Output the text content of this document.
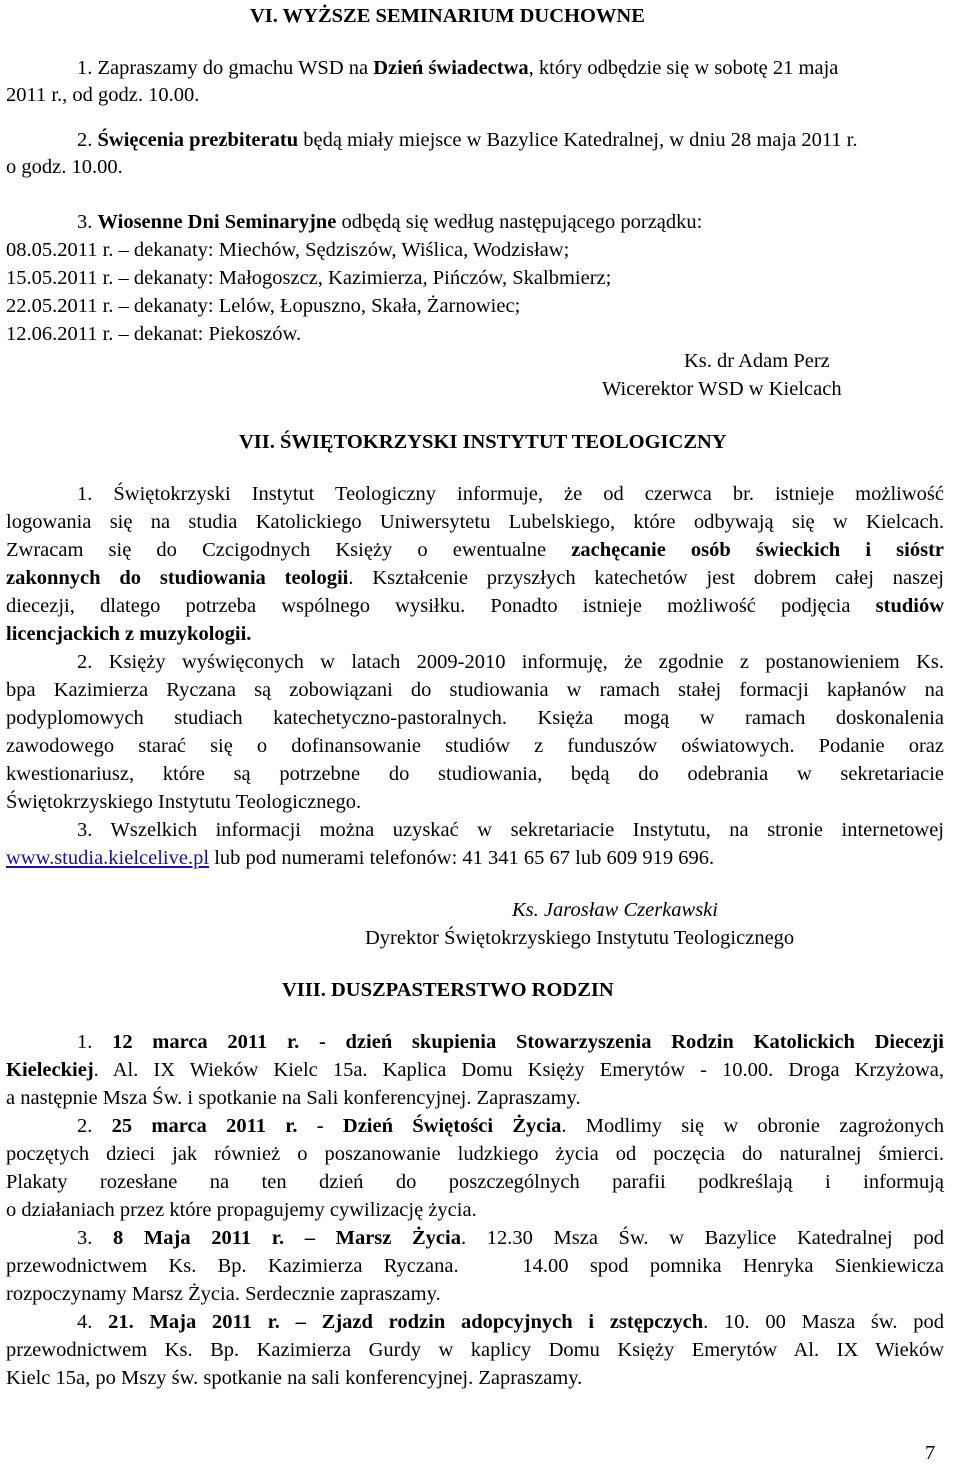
VI. WYŻSZE SEMINARIUM DUCHOWNE
1. Zapraszamy do gmachu WSD na Dzień świadectwa, który odbędzie się w sobotę 21 maja
2011 r., od godz. 10.00.
2. Święcenia prezbiteratu będą miały miejsce w Bazylice Katedralnej, w dniu 28 maja 2011 r.
o godz. 10.00.
3. Wiosenne Dni Seminaryjne odbędą się według następującego porządku:
08.05.2011 r. – dekanaty: Miechów, Sędziszów, Wiślica, Wodzisław;
15.05.2011 r. – dekanaty: Małogoszcz, Kazimierza, Pińczów, Skalbmierz;
22.05.2011 r. – dekanaty: Lelów, Łopuszno, Skała, Żarnowiec;
12.06.2011 r. – dekanat: Piekoszów.
Ks. dr Adam Perz
Wicerektor WSD w Kielcach
VII. ŚWIĘTOKRZYSKI INSTYTUT TEOLOGICZNY
1. Świętokrzyski Instytut Teologiczny informuje, że od czerwca br. istnieje możliwość
logowania się na studia Katolickiego Uniwersytetu Lubelskiego, które odbywają się w Kielcach.
Zwracam się do Czcigodnych Księży o ewentualne zachęcanie osób świeckich i sióstr
zakonnych do studiowania teologii. Kształcenie przyszłych katechetów jest dobrem całej naszej
diecezji, dlatego potrzeba wspólnego wysiłku. Ponadto istnieje możliwość podjęcia studiów
licencjackich z muzykologii.
2. Księży wyświęconych w latach 2009-2010 informuję, że zgodnie z postanowieniem Ks.
bpa Kazimierza Ryczana są zobowiązani do studiowania w ramach stałej formacji kapłanów na
podyplomowych studiach katechetyczno-pastoralnych. Księża mogą w ramach doskonalenia
zawodowego starać się o dofinansowanie studiów z funduszów oświatowych. Podanie oraz
kwestionariusz, które są potrzebne do studiowania, będą do odebrania w sekretariacie
Świętokrzyskiego Instytutu Teologicznego.
3. Wszelkich informacji można uzyskać w sekretariacie Instytutu, na stronie internetowej
www.studia.kielcelive.pl lub pod numerami telefonów: 41 341 65 67 lub 609 919 696.
Ks. Jarosław Czerkawski
Dyrektor Świętokrzyskiego Instytutu Teologicznego
VIII. DUSZPASTERSTWO RODZIN
1. 12 marca 2011 r. - dzień skupienia Stowarzyszenia Rodzin Katolickich Diecezji
Kieleckiej. Al. IX Wieków Kielc 15a. Kaplica Domu Księży Emerytów - 10.00. Droga Krzyżowa,
a następnie Msza Św. i spotkanie na Sali konferencyjnej. Zapraszamy.
2. 25 marca 2011 r. - Dzień Świętości Życia. Modlimy się w obronie zagrożonych
poczętych dzieci jak również o poszanowanie ludzkiego życia od poczęcia do naturalnej śmierci.
Plakaty rozesłane na ten dzień do poszczególnych parafii podkreślają i informują
o działaniach przez które propagujemy cywilizację życia.
3. 8 Maja 2011 r. – Marsz Życia. 12.30 Msza Św. w Bazylice Katedralnej pod
przewodnictwem Ks. Bp. Kazimierza Ryczana.   14.00 spod pomnika Henryka Sienkiewicza
rozpoczynamy Marsz Życia. Serdecznie zapraszamy.
4. 21. Maja 2011 r. – Zjazd rodzin adopcyjnych i zstępczych. 10. 00 Masza św. pod
przewodnictwem Ks. Bp. Kazimierza Gurdy w kaplicy Domu Księży Emerytów Al. IX Wieków
Kielc 15a, po Mszy św. spotkanie na sali konferencyjnej. Zapraszamy.
7
